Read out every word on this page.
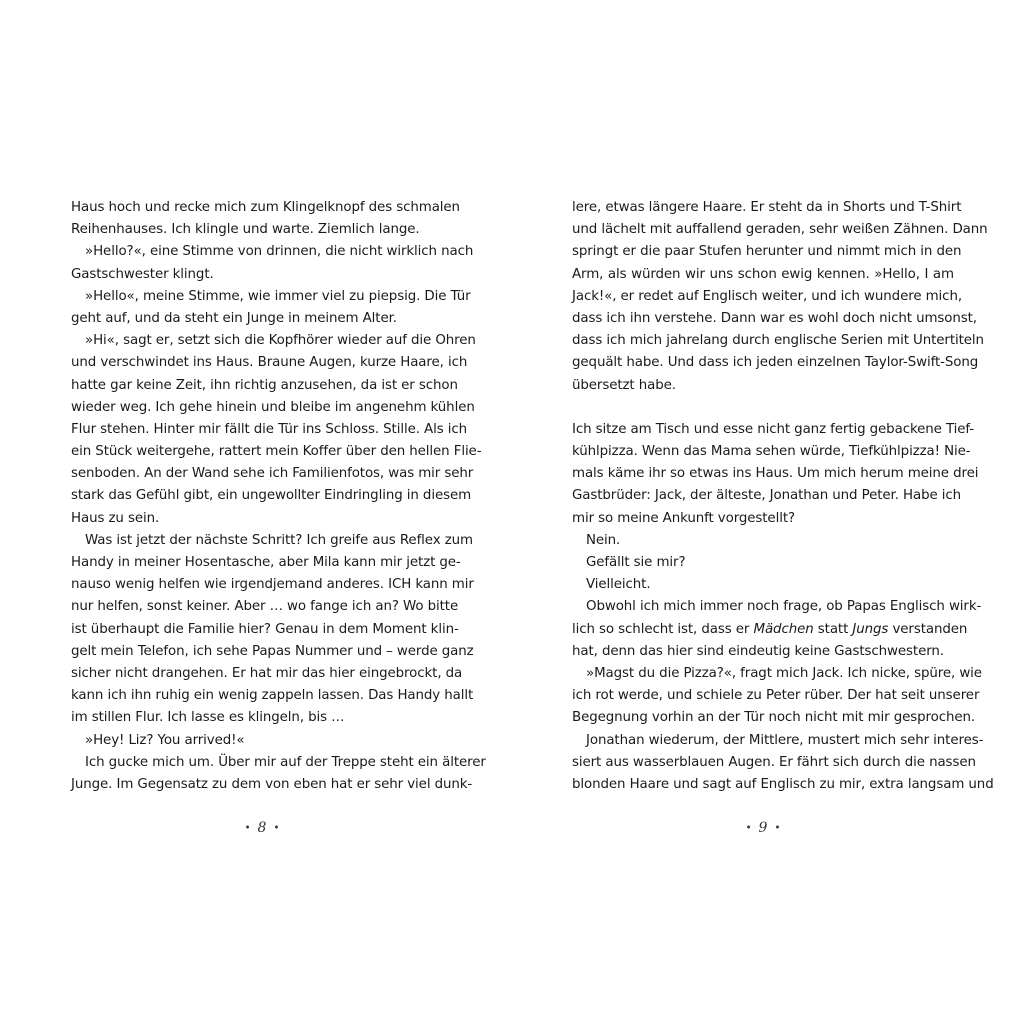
Haus hoch und recke mich zum Klingelknopf des schmalen
Reihenhauses. Ich klingle und warte. Ziemlich lange.
»Hello?«, eine Stimme von drinnen, die nicht wirklich nach
Gastschwester klingt.
»Hello«, meine Stimme, wie immer viel zu piepsig. Die Tür
geht auf, und da steht ein Junge in meinem Alter.
»Hi«, sagt er, setzt sich die Kopfhörer wieder auf die Ohren
und verschwindet ins Haus. Braune Augen, kurze Haare, ich
hatte gar keine Zeit, ihn richtig anzusehen, da ist er schon
wieder weg. Ich gehe hinein und bleibe im angenehm kühlen
Flur stehen. Hinter mir fällt die Tür ins Schloss. Stille. Als ich
ein Stück weitergehe, rattert mein Koffer über den hellen Flie-
senboden. An der Wand sehe ich Familienfotos, was mir sehr
stark das Gefühl gibt, ein ungewollter Eindringling in diesem
Haus zu sein.
Was ist jetzt der nächste Schritt? Ich greife aus Reflex zum
Handy in meiner Hosentasche, aber Mila kann mir jetzt ge-
nauso wenig helfen wie irgendjemand anderes. ICH kann mir
nur helfen, sonst keiner. Aber … wo fange ich an? Wo bitte
ist überhaupt die Familie hier? Genau in dem Moment klin-
gelt mein Telefon, ich sehe Papas Nummer und – werde ganz
sicher nicht drangehen. Er hat mir das hier eingebrockt, da
kann ich ihn ruhig ein wenig zappeln lassen. Das Handy hallt
im stillen Flur. Ich lasse es klingeln, bis …
»Hey! Liz? You arrived!«
Ich gucke mich um. Über mir auf der Treppe steht ein älterer
Junge. Im Gegensatz zu dem von eben hat er sehr viel dunk-
lere, etwas längere Haare. Er steht da in Shorts und T-Shirt
und lächelt mit auffallend geraden, sehr weißen Zähnen. Dann
springt er die paar Stufen herunter und nimmt mich in den
Arm, als würden wir uns schon ewig kennen. »Hello, I am
Jack!«, er redet auf Englisch weiter, und ich wundere mich,
dass ich ihn verstehe. Dann war es wohl doch nicht umsonst,
dass ich mich jahrelang durch englische Serien mit Untertiteln
gequält habe. Und dass ich jeden einzelnen Taylor-Swift-Song
übersetzt habe.
Ich sitze am Tisch und esse nicht ganz fertig gebackene Tief-
kühlpizza. Wenn das Mama sehen würde, Tiefkühlpizza! Nie-
mals käme ihr so etwas ins Haus. Um mich herum meine drei
Gastbrüder: Jack, der älteste, Jonathan und Peter. Habe ich
mir so meine Ankunft vorgestellt?
Nein.
Gefällt sie mir?
Vielleicht.
Obwohl ich mich immer noch frage, ob Papas Englisch wirk-
lich so schlecht ist, dass er Mädchen statt Jungs verstanden
hat, denn das hier sind eindeutig keine Gastschwestern.
»Magst du die Pizza?«, fragt mich Jack. Ich nicke, spüre, wie
ich rot werde, und schiele zu Peter rüber. Der hat seit unserer
Begegnung vorhin an der Tür noch nicht mit mir gesprochen.
Jonathan wiederum, der Mittlere, mustert mich sehr interes-
siert aus wasserblauen Augen. Er fährt sich durch die nassen
blonden Haare und sagt auf Englisch zu mir, extra langsam und
• 8 •	• 9 •
